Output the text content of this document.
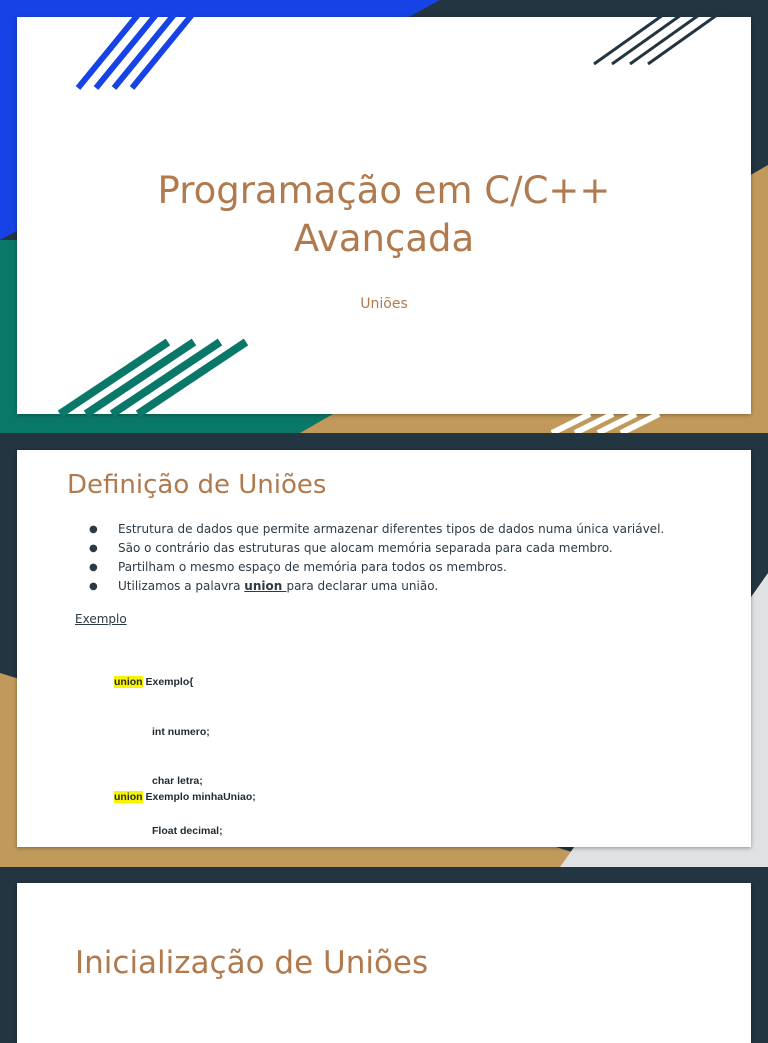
Programação em C/C++
Avançada
Uniões
Definição de Uniões
● Estrutura de dados que permite armazenar diferentes tipos de dados numa única variável.
● São o contrário das estruturas que alocam memória separada para cada membro.
● Partilham o mesmo espaço de memória para todos os membros.
● Utilizamos a palavra union para declarar uma união.
Exemplo

union Exemplo{

int numero;

char letra;

Float decimal;

union Exemplo minhaUniao;

Inicialização de Uniões
